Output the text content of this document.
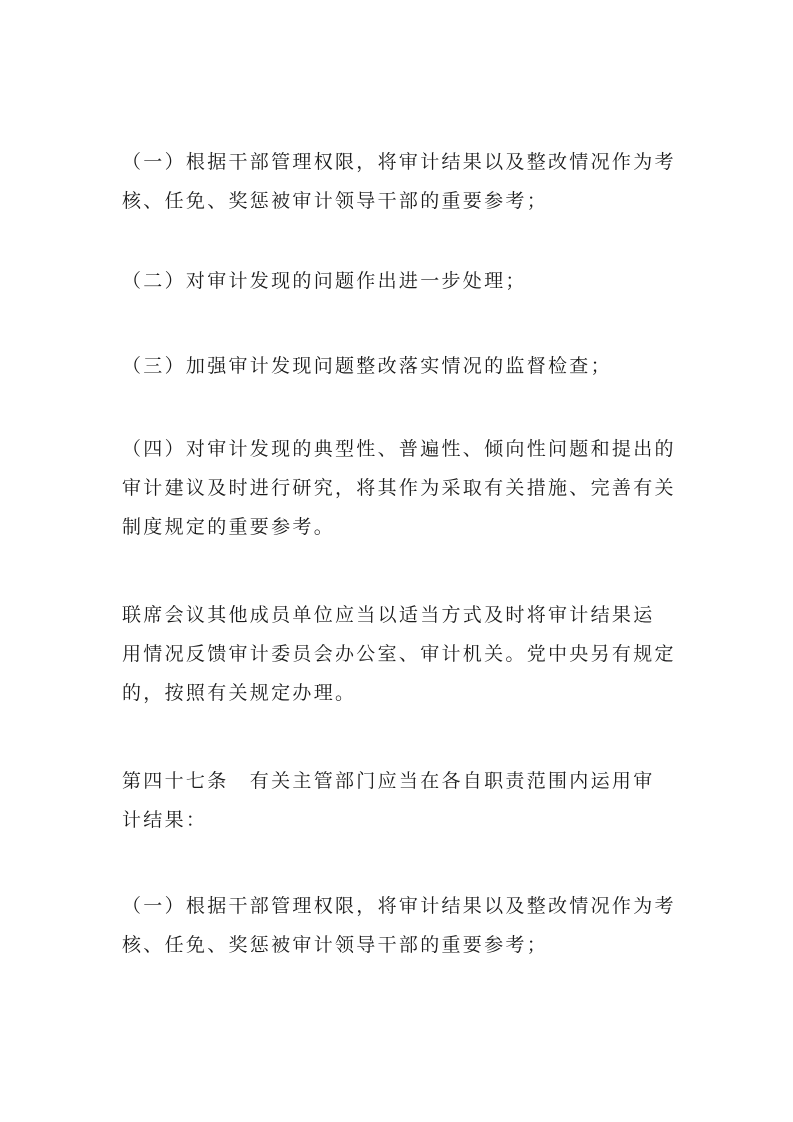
（一）根据干部管理权限，将审计结果以及整改情况作为考
核、任免、奖惩被审计领导干部的重要参考；
（二）对审计发现的问题作出进一步处理；
（三）加强审计发现问题整改落实情况的监督检查；
（四）对审计发现的典型性、普遍性、倾向性问题和提出的
审计建议及时进行研究，将其作为采取有关措施、完善有关
制度规定的重要参考。
联席会议其他成员单位应当以适当方式及时将审计结果运
用情况反馈审计委员会办公室、审计机关。党中央另有规定
的，按照有关规定办理。
第四十七条　有关主管部门应当在各自职责范围内运用审
计结果：
（一）根据干部管理权限，将审计结果以及整改情况作为考
核、任免、奖惩被审计领导干部的重要参考；
